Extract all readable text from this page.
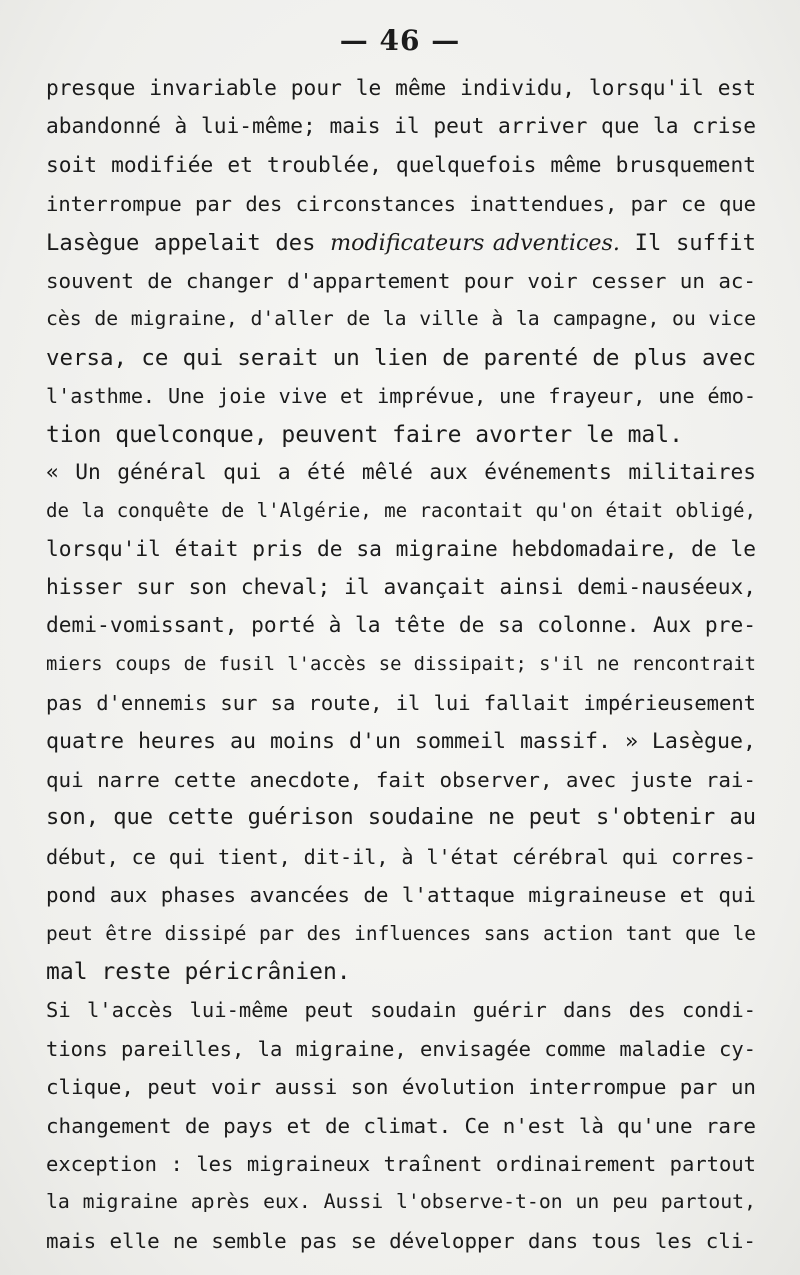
— 46 —
presque invariable pour le même individu, lorsqu'il est
abandonné à lui-même; mais il peut arriver que la crise
soit modifiée et troublée, quelquefois même brusquement
interrompue par des circonstances inattendues, par ce que
Lasègue appelait des modificateurs adventices. Il suffit
souvent de changer d'appartement pour voir cesser un ac-
cès de migraine, d'aller de la ville à la campagne, ou vice
versa, ce qui serait un lien de parenté de plus avec
l'asthme. Une joie vive et imprévue, une frayeur, une émo-
tion quelconque, peuvent faire avorter le mal.
« Un général qui a été mêlé aux événements militaires
de la conquête de l'Algérie, me racontait qu'on était obligé,
lorsqu'il était pris de sa migraine hebdomadaire, de le
hisser sur son cheval; il avançait ainsi demi-nauséeux,
demi-vomissant, porté à la tête de sa colonne. Aux pre-
miers coups de fusil l'accès se dissipait; s'il ne rencontrait
pas d'ennemis sur sa route, il lui fallait impérieusement
quatre heures au moins d'un sommeil massif. » Lasègue,
qui narre cette anecdote, fait observer, avec juste rai-
son, que cette guérison soudaine ne peut s'obtenir au
début, ce qui tient, dit-il, à l'état cérébral qui corres-
pond aux phases avancées de l'attaque migraineuse et qui
peut être dissipé par des influences sans action tant que le
mal reste péricrânien.
Si l'accès lui-même peut soudain guérir dans des condi-
tions pareilles, la migraine, envisagée comme maladie cy-
clique, peut voir aussi son évolution interrompue par un
changement de pays et de climat. Ce n'est là qu'une rare
exception : les migraineux traînent ordinairement partout
la migraine après eux. Aussi l'observe-t-on un peu partout,
mais elle ne semble pas se développer dans tous les cli-
